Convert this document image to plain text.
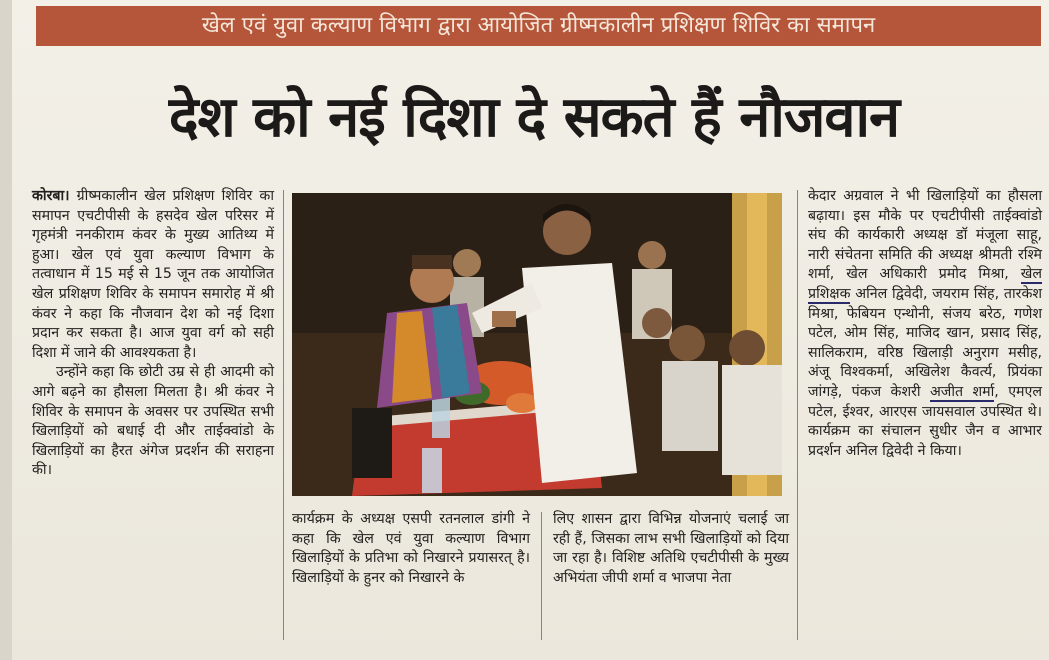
खेल एवं युवा कल्याण विभाग द्वारा आयोजित ग्रीष्मकालीन प्रशिक्षण शिविर का समापन
देश को नई दिशा दे सकते हैं नौजवान

कोरबा। ग्रीष्मकालीन खेल प्रशिक्षण शिविर का समापन एचटीपीसी के हसदेव खेल परिसर में गृहमंत्री ननकीराम कंवर के मुख्य आतिथ्य में हुआ। खेल एवं युवा कल्याण विभाग के तत्वाधान में 15 मई से 15 जून तक आयोजित खेल प्रशिक्षण शिविर के समापन समारोह में श्री कंवर ने कहा कि नौजवान देश को नई दिशा प्रदान कर सकता है। आज युवा वर्ग को सही दिशा में जाने की आवश्यकता है।

उन्होंने कहा कि छोटी उम्र से ही आदमी को आगे बढ़ने का हौसला मिलता है। श्री कंवर ने शिविर के समापन के अवसर पर उपस्थित सभी खिलाड़ियों को बधाई दी और ताईक्वांडो के खिलाड़ियों का हैरत अंगेज प्रदर्शन की सराहना की।

कार्यक्रम के अध्यक्ष एसपी रतनलाल डांगी ने कहा कि खेल एवं युवा कल्याण विभाग खिलाड़ियों के प्रतिभा को निखारने प्रयासरत् है। खिलाड़ियों के हुनर को निखारने के

लिए शासन द्वारा विभिन्न योजनाएं चलाई जा रही हैं, जिसका लाभ सभी खिलाड़ियों को दिया जा रहा है। विशिष्ट अतिथि एचटीपीसी के मुख्य अभियंता जीपी शर्मा व भाजपा नेता

केदार अग्रवाल ने भी खिलाड़ियों का हौसला बढ़ाया। इस मौके पर एचटीपीसी ताईक्वांडो संघ की कार्यकारी अध्यक्ष डॉ मंजूला साहू, नारी संचेतना समिति की अध्यक्ष श्रीमती रश्मि शर्मा, खेल अधिकारी प्रमोद मिश्रा, खेल प्रशिक्षक अनिल द्विवेदी, जयराम सिंह, तारकेश मिश्रा, फेबियन एन्थोनी, संजय बरेठ, गणेश पटेल, ओम सिंह, माजिद खान, प्रसाद सिंह, सालिकराम, वरिष्ठ खिलाड़ी अनुराग मसीह, अंजू विश्वकर्मा, अखिलेश कैवर्त्य, प्रियंका जांगड़े, पंकज केशरी अजीत शर्मा, एमएल पटेल, ईश्वर, आरएस जायसवाल उपस्थित थे। कार्यक्रम का संचालन सुधीर जैन व आभार प्रदर्शन अनिल द्विवेदी ने किया।
